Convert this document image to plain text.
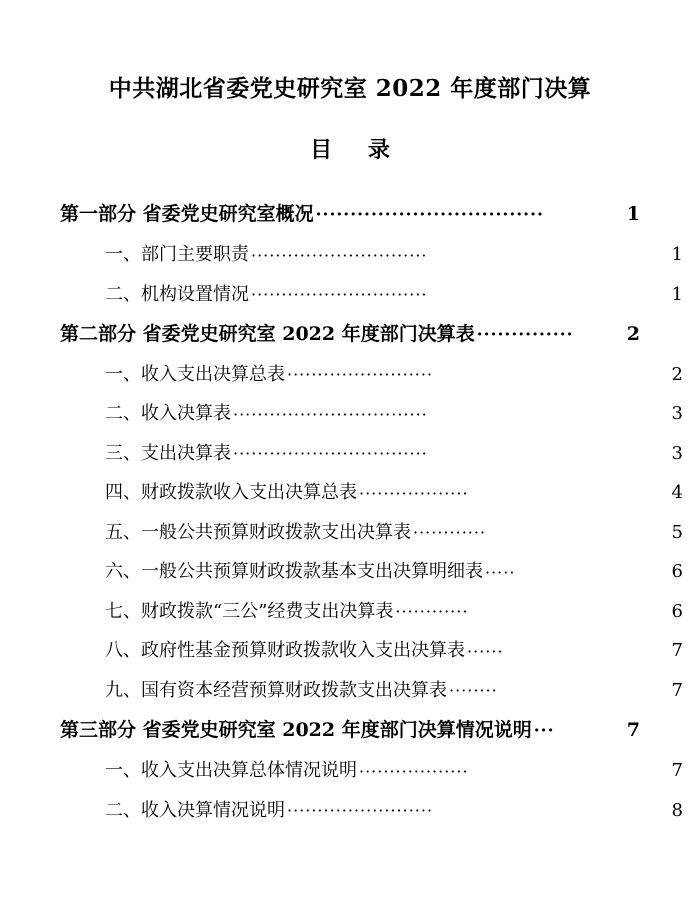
中共湖北省委党史研究室 2022 年度部门决算
目 录
第一部分 省委党史研究室概况 ·································	1
一、部门主要职责 ·····························	1
二、机构设置情况 ·····························	1
第二部分 省委党史研究室 2022 年度部门决算表 ··············	2
一、收入支出决算总表 ························	2
二、收入决算表 ································	3
三、支出决算表 ································	3
四、财政拨款收入支出决算总表 ··················	4
五、一般公共预算财政拨款支出决算表 ············	5
六、一般公共预算财政拨款基本支出决算明细表 ·····	6
七、财政拨款“三公”经费支出决算表 ············	6
八、政府性基金预算财政拨款收入支出决算表 ······	7
九、国有资本经营预算财政拨款支出决算表 ········	7
第三部分 省委党史研究室 2022 年度部门决算情况说明 ···	7
一、收入支出决算总体情况说明 ··················	7
二、收入决算情况说明 ························	8
